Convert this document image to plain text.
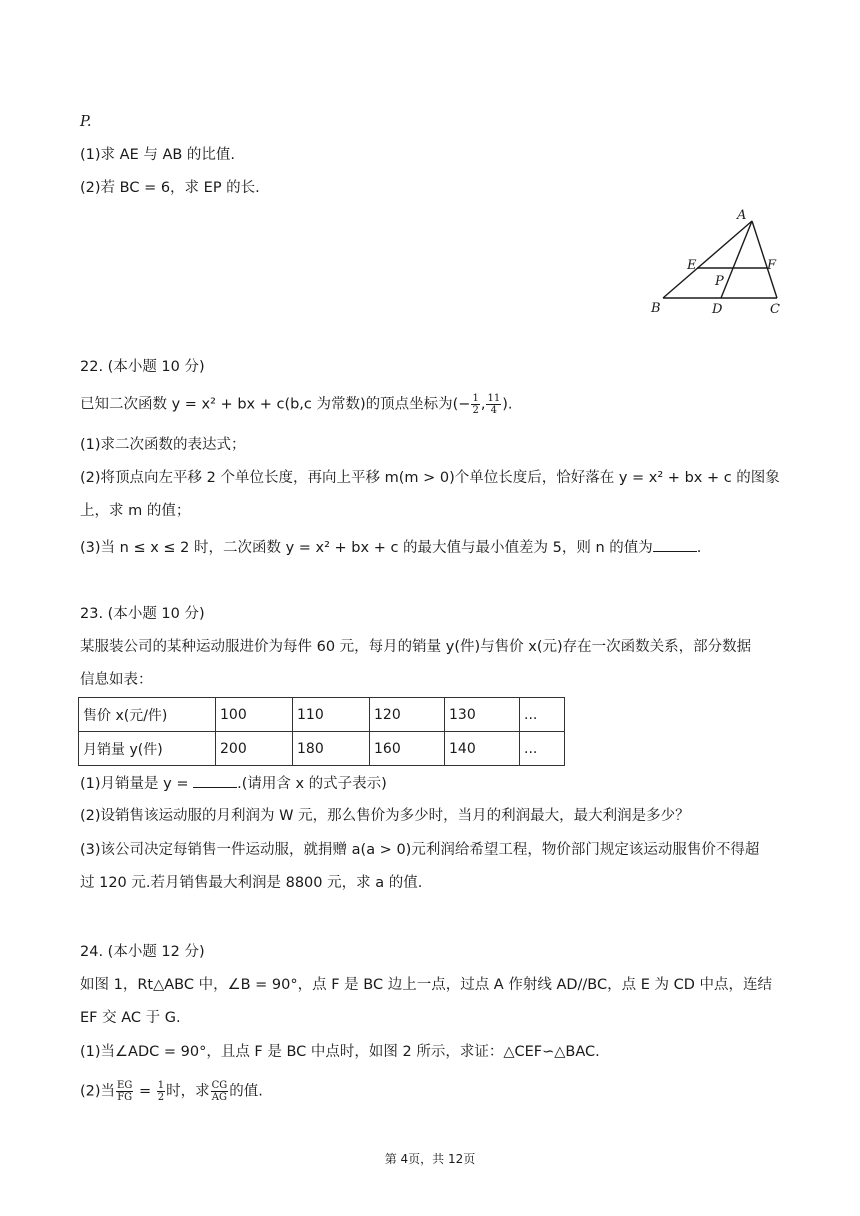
P.
(1)求 AE 与 AB 的比值.
(2)若 BC = 6，求 EP 的长.
A
E	F
P
B	D	C
22. (本小题 10 分)
已知二次函数 y = x² + bx + c(b,c 为常数)的顶点坐标为(− $\frac{1}{2}$ , $\frac{11}{4}$ ).
(1)求二次函数的表达式；
(2)将顶点向左平移 2 个单位长度，再向上平移 m(m > 0)个单位长度后，恰好落在 y = x² + bx + c 的图象
上，求 m 的值；
(3)当 n ≤ x ≤ 2 时，二次函数 y = x² + bx + c 的最大值与最小值差为 5，则 n 的值为	.
23. (本小题 10 分)
某服装公司的某种运动服进价为每件 60 元，每月的销量 y(件)与售价 x(元)存在一次函数关系，部分数据
信息如表：
售价 x(元/件)	100	110	120	130	...
月销量 y(件)	200	180	160	140	...
(1)月销量是 y =	.(请用含 x 的式子表示)
(2)设销售该运动服的月利润为 W 元，那么售价为多少时，当月的利润最大，最大利润是多少？
(3)该公司决定每销售一件运动服，就捐赠 a(a > 0)元利润给希望工程，物价部门规定该运动服售价不得超
过 120 元.若月销售最大利润是 8800 元，求 a 的值.
24. (本小题 12 分)
如图 1，Rt△ABC 中，∠B = 90°，点 F 是 BC 边上一点，过点 A 作射线 AD//BC，点 E 为 CD 中点，连结
EF 交 AC 于 G.
(1)当∠ADC = 90°，且点 F 是 BC 中点时，如图 2 所示，求证：△CEF∽△BAC.
(2)当 $\frac{EG}{FG} = \frac{1}{2}$ 时，求 $\frac{CG}{AG}$ 的值.
第 4页，共 12页
